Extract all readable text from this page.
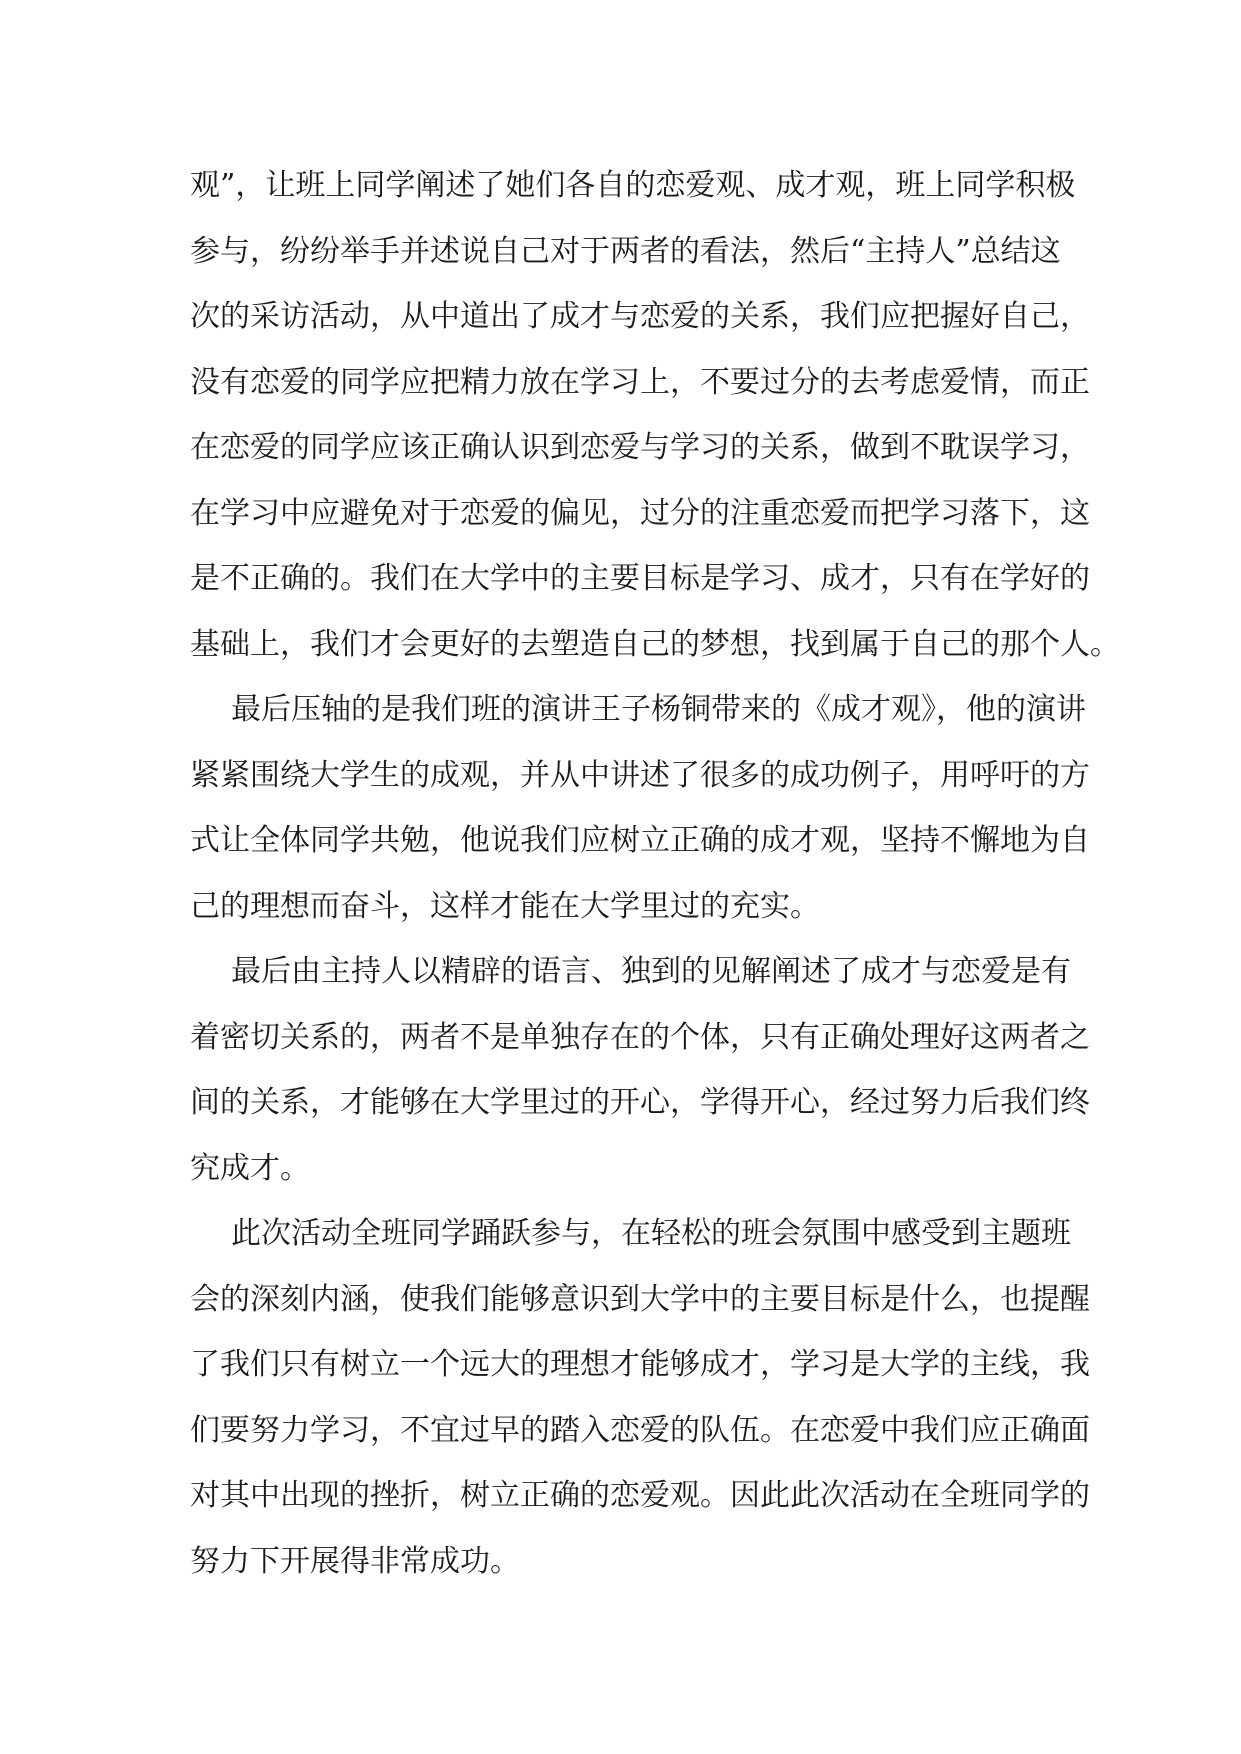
观”，让班上同学阐述了她们各自的恋爱观、成才观，班上同学积极
参与，纷纷举手并述说自己对于两者的看法，然后“主持人”总结这
次的采访活动，从中道出了成才与恋爱的关系，我们应把握好自己，
没有恋爱的同学应把精力放在学习上，不要过分的去考虑爱情，而正
在恋爱的同学应该正确认识到恋爱与学习的关系，做到不耽误学习，
在学习中应避免对于恋爱的偏见，过分的注重恋爱而把学习落下，这
是不正确的。我们在大学中的主要目标是学习、成才，只有在学好的
基础上，我们才会更好的去塑造自己的梦想，找到属于自己的那个人。
最后压轴的是我们班的演讲王子杨铜带来的《成才观》，他的演讲
紧紧围绕大学生的成观，并从中讲述了很多的成功例子，用呼吁的方
式让全体同学共勉，他说我们应树立正确的成才观，坚持不懈地为自
己的理想而奋斗，这样才能在大学里过的充实。
最后由主持人以精辟的语言、独到的见解阐述了成才与恋爱是有
着密切关系的，两者不是单独存在的个体，只有正确处理好这两者之
间的关系，才能够在大学里过的开心，学得开心，经过努力后我们终
究成才。
此次活动全班同学踊跃参与，在轻松的班会氛围中感受到主题班
会的深刻内涵，使我们能够意识到大学中的主要目标是什么，也提醒
了我们只有树立一个远大的理想才能够成才，学习是大学的主线，我
们要努力学习，不宜过早的踏入恋爱的队伍。在恋爱中我们应正确面
对其中出现的挫折，树立正确的恋爱观。因此此次活动在全班同学的
努力下开展得非常成功。
